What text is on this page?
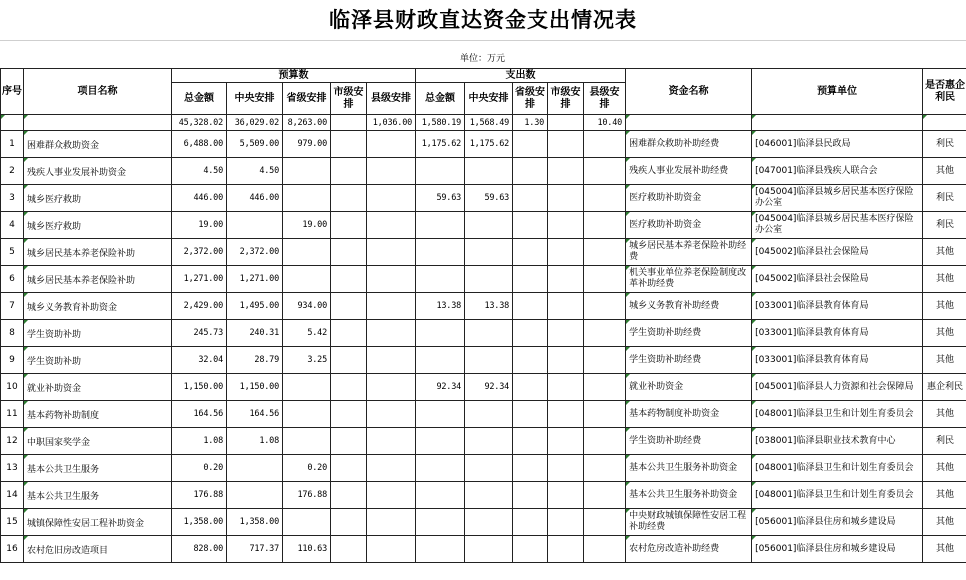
临泽县财政直达资金支出情况表
单位：万元
序号	项目名称	预算数					支出数					资金名称	预算单位	是否惠企利民
		总金额	中央安排	省级安排	市级安排	县级安排	总金额	中央安排	省级安排	市级安排	县级安排			
		45,328.02	36,029.02	8,263.00		1,036.00	1,580.19	1,568.49	1.30		10.40			
1	困难群众救助资金	6,488.00	5,509.00	979.00			1,175.62	1,175.62				困难群众救助补助经费	[046001]临泽县民政局	利民
2	残疾人事业发展补助资金	4.50	4.50									残疾人事业发展补助经费	[047001]临泽县残疾人联合会	其他
3	城乡医疗救助	446.00	446.00				59.63	59.63				医疗救助补助资金	[045004]临泽县城乡居民基本医疗保险办公室	利民
4	城乡医疗救助	19.00		19.00								医疗救助补助资金	[045004]临泽县城乡居民基本医疗保险办公室	利民
5	城乡居民基本养老保险补助	2,372.00	2,372.00									城乡居民基本养老保险补助经费	[045002]临泽县社会保险局	其他
6	城乡居民基本养老保险补助	1,271.00	1,271.00									机关事业单位养老保险制度改革补助经费	[045002]临泽县社会保险局	其他
7	城乡义务教育补助资金	2,429.00	1,495.00	934.00			13.38	13.38				城乡义务教育补助经费	[033001]临泽县教育体育局	其他
8	学生资助补助	245.73	240.31	5.42								学生资助补助经费	[033001]临泽县教育体育局	其他
9	学生资助补助	32.04	28.79	3.25								学生资助补助经费	[033001]临泽县教育体育局	其他
10	就业补助资金	1,150.00	1,150.00				92.34	92.34				就业补助资金	[045001]临泽县人力资源和社会保障局	惠企利民
11	基本药物补助制度	164.56	164.56									基本药物制度补助资金	[048001]临泽县卫生和计划生育委员会	其他
12	中职国家奖学金	1.08	1.08									学生资助补助经费	[038001]临泽县职业技术教育中心	利民
13	基本公共卫生服务	0.20		0.20								基本公共卫生服务补助资金	[048001]临泽县卫生和计划生育委员会	其他
14	基本公共卫生服务	176.88		176.88								基本公共卫生服务补助资金	[048001]临泽县卫生和计划生育委员会	其他
15	城镇保障性安居工程补助资金	1,358.00	1,358.00									中央财政城镇保障性安居工程补助经费	[056001]临泽县住房和城乡建设局	其他
16	农村危旧房改造项目	828.00	717.37	110.63								农村危房改造补助经费	[056001]临泽县住房和城乡建设局	其他
